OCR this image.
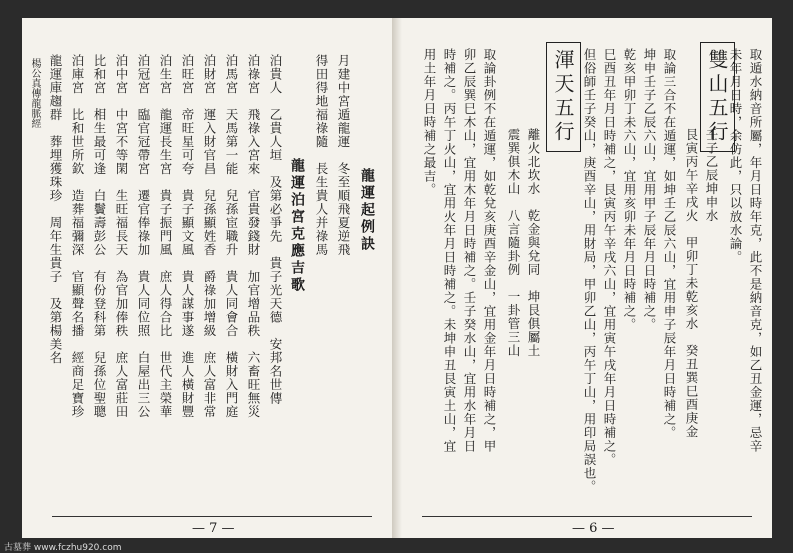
楊公真傳龍脈經 龍運庫趨群　葬埋獲珠珍　周年生貴子　及第楊美名 泊庫宮　比和世所欽　造葬福彌深　官顯聲名播　經商足寶珍 比和宮　相生最可逢　白鬢壽彭公　有份登科第　兒孫位聖聰 泊中宮　中宮不等閑　生旺福長天　為官加俸秩　庶人富莊田 泊冠宮　臨官冠帶宮　遷官俸祿加　貴人同位照　白屋出三公 泊生宮　龍運長生宮　貴子振門風　庶人得合比　世代主榮華 泊旺宮　帝旺星可夸　貴子顯文風　貴人謀事遂　進人橫財豐 泊財宮　運入財官昌　兒孫顯姓香　爵祿加增級　庶人富非常 泊馬宮　天馬第一能　兒孫宦職升　貴人同會合　橫財入門庭 泊祿宮　飛祿入宮來　官貴發錢財　加官增品秩　六畜旺無災 泊貴人　乙貴人垣　及第必爭先　貴子光天德　安邦名世傳 龍運泊宮克應吉歌 得田得地福祿隨　長生貴人并祿馬 月建中宮遁龍運　冬至順飛夏逆飛 龍運起例訣
— 7 —
用土年月日時補之最吉。 時補之。丙午丁火山，宜用火年月日時補之。未坤申丑艮寅土山，宜 卯乙辰巽巳木山，宜用木年月日時補之。壬子癸水山，宜用水年月日 取論卦例不在遁運，如乾兌亥庚酉辛金山，宜用金年月日時補之，甲 震巽俱木山　八言隨卦例　一卦管三山 離火北坎水　乾金與兌同　坤艮俱屬土
渾天五行 但俗師壬子癸山，庚酉辛山，用財局，甲卯乙山，丙午丁山，用印局誤也。 巳酉丑年月日時補之，艮寅丙午辛戌六山，宜用寅午戌年月日時補之。 乾亥甲卯丁未六山，宜用亥卯未年月日時補之。 坤申壬子乙辰六山，宜用甲子辰年月日時補之。 取論三合不在遁運，如坤壬乙辰六山，宜用申子辰年月日時補之。 艮寅丙午辛戌火　甲卯丁未乾亥水　癸丑巽巳酉庚金 壬子乙辰坤申水
雙山五行 未年月日時，余仿此，只以放水論。 取遁水納音所屬，年月日時年克，此不是納音克，如乙丑金運，忌辛
— 6 —
古墓葬 www.fczhu920.com
